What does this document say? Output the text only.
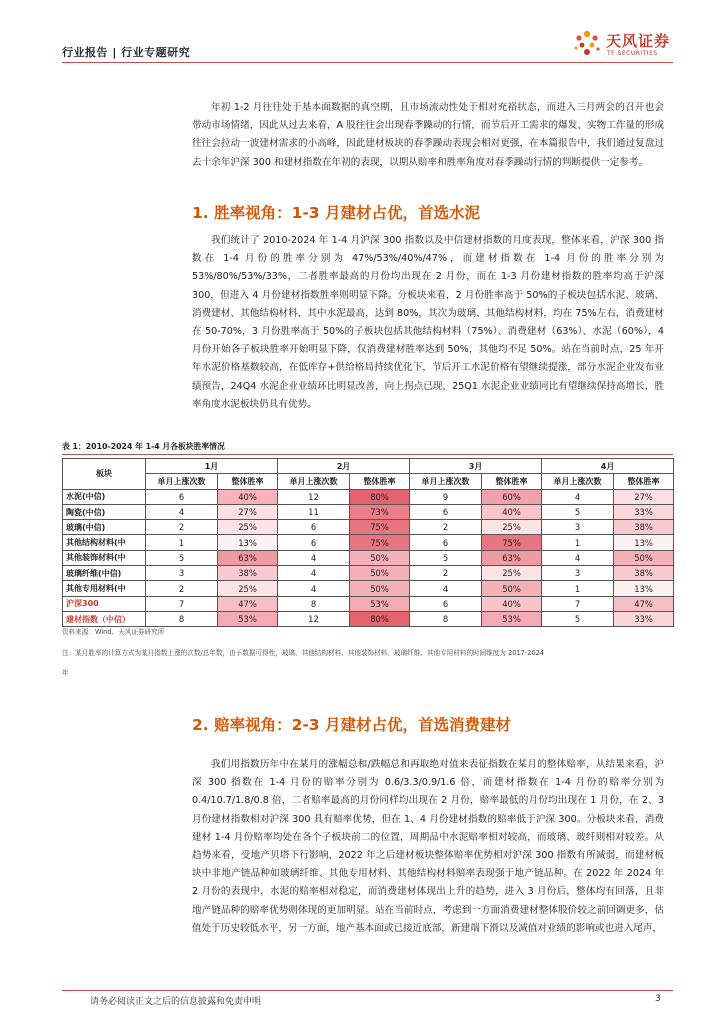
行业报告 | 行业专题研究
天风证券
TF SECURITIES

年初 1-2 月往往处于基本面数据的真空期，且市场流动性处于相对充裕状态，而进入三月两会的召开也会带动市场情绪，因此从过去来看，A 股往往会出现春季躁动的行情，而节后开工需求的爆发、实物工作量的形成往往会拉动一波建材需求的小高峰，因此建材板块的春季躁动表现会相对更强，在本篇报告中，我们通过复盘过去十余年沪深 300 和建材指数在年初的表现，以期从赔率和胜率角度对春季躁动行情的判断提供一定参考。

1. 胜率视角：1-3 月建材占优，首选水泥

我们统计了 2010-2024 年 1-4 月沪深 300 指数以及中信建材指数的月度表现，整体来看，沪深 300 指数在 1-4 月份的胜率分别为 47%/53%/40%/47%，而建材指数在 1-4 月份的胜率分别为 53%/80%/53%/33%，二者胜率最高的月份均出现在 2 月份，而在 1-3 月份建材指数的胜率均高于沪深 300，但进入 4 月份建材指数胜率则明显下降。分板块来看，2 月份胜率高于 50%的子板块包括水泥、玻璃、消费建材、其他结构材料，其中水泥最高，达到 80%，其次为玻璃、其他结构材料，均在 75%左右，消费建材在 50-70%，3 月份胜率高于 50%的子板块包括其他结构材料（75%）、消费建材（63%）、水泥（60%），4 月份开始各子板块胜率开始明显下降，仅消费建材胜率达到 50%，其他均不足 50%。站在当前时点，25 年开年水泥价格基数较高，在低库存+供给格局持续优化下，节后开工水泥价格有望继续提涨，部分水泥企业发布业绩预告，24Q4 水泥企业业绩环比明显改善，向上拐点已现，25Q1 水泥企业业绩同比有望继续保持高增长，胜率角度水泥板块仍具有优势。

表 1：2010-2024 年 1-4 月各板块胜率情况
板块	1月		2月		3月		4月	
	单月上涨次数	整体胜率	单月上涨次数	整体胜率	单月上涨次数	整体胜率	单月上涨次数	整体胜率
水泥(中信)	6	40%	12	80%	9	60%	4	27%
陶瓷(中信)	4	27%	11	73%	6	40%	5	33%
玻璃(中信)	2	25%	6	75%	2	25%	3	38%
其他结构材料(中	1	13%	6	75%	6	75%	1	13%
其他装饰材料(中	5	63%	4	50%	5	63%	4	50%
玻璃纤维(中信)	3	38%	4	50%	2	25%	3	38%
其他专用材料(中	2	25%	4	50%	4	50%	1	13%
沪深300	7	47%	8	53%	6	40%	7	47%
建材指数（中信）	8	53%	12	80%	8	53%	5	33%
资料来源：Wind、天风证券研究所
注：某月胜率的计算方式为某月指数上涨的次数/总年数，由于数据可得性，玻璃、其他结构材料、其他装饰材料、玻璃纤维、其他专用材料的时间维度为 2017-2024
年
2. 赔率视角：2-3 月建材占优，首选消费建材

我们用指数历年中在某月的涨幅总和/跌幅总和再取绝对值来表征指数在某月的整体赔率，从结果来看，沪深 300 指数在 1-4 月份的赔率分别为 0.6/3.3/0.9/1.6 倍，而建材指数在 1-4 月份的赔率分别为 0.4/10.7/1.8/0.8 倍，二者赔率最高的月份同样均出现在 2 月份，赔率最低的月份均出现在 1 月份，在 2、3 月份建材指数相对沪深 300 具有赔率优势，但在 1、4 月份建材指数的赔率低于沪深 300。分板块来看，消费建材 1-4 月份赔率均处在各个子板块前二的位置，周期品中水泥赔率相对较高，而玻璃、玻纤则相对较差。从趋势来看，受地产贝塔下行影响，2022 年之后建材板块整体赔率优势相对沪深 300 指数有所减弱，而建材板块中非地产链品种如玻璃纤维、其他专用材料、其他结构材料赔率表现强于地产链品种。在 2022 年 2024 年 2 月份的表现中，水泥的赔率相对稳定，而消费建材体现出上升的趋势，进入 3 月份后，整体均有回落，且非地产链品种的赔率优势则体现的更加明显。站在当前时点，考虑到一方面消费建材整体股价较之前回调更多，估值处于历史较低水平，另一方面，地产基本面或已接近底部，新建端下滑以及减值对业绩的影响或也进入尾声，

请务必阅读正文之后的信息披露和免责申明	3
